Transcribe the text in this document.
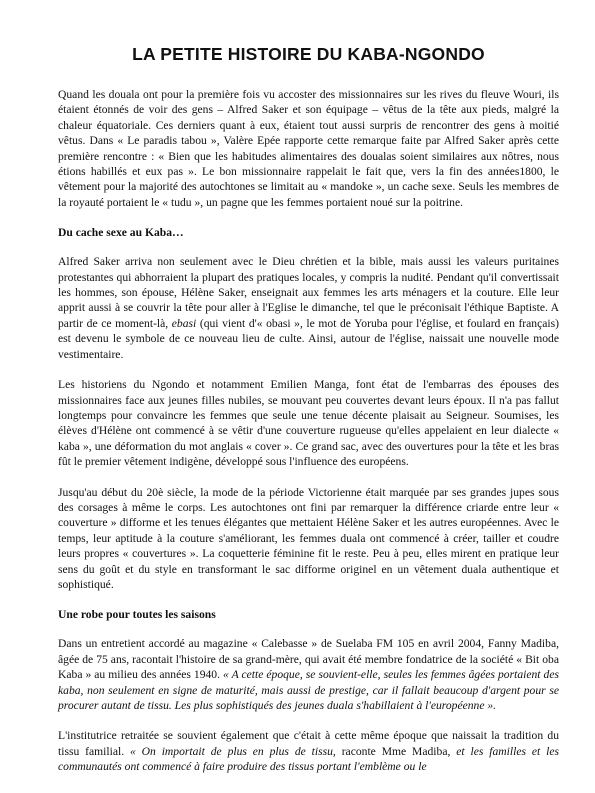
LA PETITE HISTOIRE DU KABA-NGONDO

Quand les douala ont pour la première fois vu accoster des missionnaires sur les rives du fleuve Wouri, ils étaient étonnés de voir des gens – Alfred Saker et son équipage – vêtus de la tête aux pieds, malgré la chaleur équatoriale. Ces derniers quant à eux, étaient tout aussi surpris de rencontrer des gens à moitié vêtus. Dans « Le paradis tabou », Valère Epée rapporte cette remarque faite par Alfred Saker après cette première rencontre : « Bien que les habitudes alimentaires des doualas soient similaires aux nôtres, nous étions habillés et eux pas ». Le bon missionnaire rappelait le fait que, vers la fin des années1800, le vêtement pour la majorité des autochtones se limitait au « mandoke », un cache sexe. Seuls les membres de la royauté portaient le « tudu », un pagne que les femmes portaient noué sur la poitrine.

Du cache sexe au Kaba…

Alfred Saker arriva non seulement avec le Dieu chrétien et la bible, mais aussi les valeurs puritaines protestantes qui abhorraient la plupart des pratiques locales, y compris la nudité. Pendant qu'il convertissait les hommes, son épouse, Hélène Saker, enseignait aux femmes les arts ménagers et la couture. Elle leur apprit aussi à se couvrir la tête pour aller à l'Eglise le dimanche, tel que le préconisait l'éthique Baptiste. A partir de ce moment-là, ebasi (qui vient d'« obasi », le mot de Yoruba pour l'église, et foulard en français) est devenu le symbole de ce nouveau lieu de culte. Ainsi, autour de l'église, naissait une nouvelle mode vestimentaire.

Les historiens du Ngondo et notamment Emilien Manga, font état de l'embarras des épouses des missionnaires face aux jeunes filles nubiles, se mouvant peu couvertes devant leurs époux. Il n'a pas fallut longtemps pour convaincre les femmes que seule une tenue décente plaisait au Seigneur. Soumises, les élèves d'Hélène ont commencé à se vêtir d'une couverture rugueuse qu'elles appelaient en leur dialecte « kaba », une déformation du mot anglais « cover ». Ce grand sac, avec des ouvertures pour la tête et les bras fût le premier vêtement indigène, développé sous l'influence des européens.

Jusqu'au début du 20è siècle, la mode de la période Victorienne était marquée par ses grandes jupes sous des corsages à même le corps. Les autochtones ont fini par remarquer la différence criarde entre leur « couverture » difforme et les tenues élégantes que mettaient Hélène Saker et les autres européennes. Avec le temps, leur aptitude à la couture s'améliorant, les femmes duala ont commencé à créer, tailler et coudre leurs propres « couvertures ». La coquetterie féminine fit le reste. Peu à peu, elles mirent en pratique leur sens du goût et du style en transformant le sac difforme originel en un vêtement duala authentique et sophistiqué.

Une robe pour toutes les saisons

Dans un entretient accordé au magazine « Calebasse » de Suelaba FM 105 en avril 2004, Fanny Madiba, âgée de 75 ans, racontait l'histoire de sa grand-mère, qui avait été membre fondatrice de la société « Bit oba Kaba » au milieu des années 1940. « A cette époque, se souvient-elle, seules les femmes âgées portaient des kaba, non seulement en signe de maturité, mais aussi de prestige, car il fallait beaucoup d'argent pour se procurer autant de tissu. Les plus sophistiqués des jeunes duala s'habillaient à l'européenne ».

L'institutrice retraitée se souvient également que c'était à cette même époque que naissait la tradition du tissu familial. « On importait de plus en plus de tissu, raconte Mme Madiba, et les familles et les communautés ont commencé à faire produire des tissus portant l'emblème ou le
